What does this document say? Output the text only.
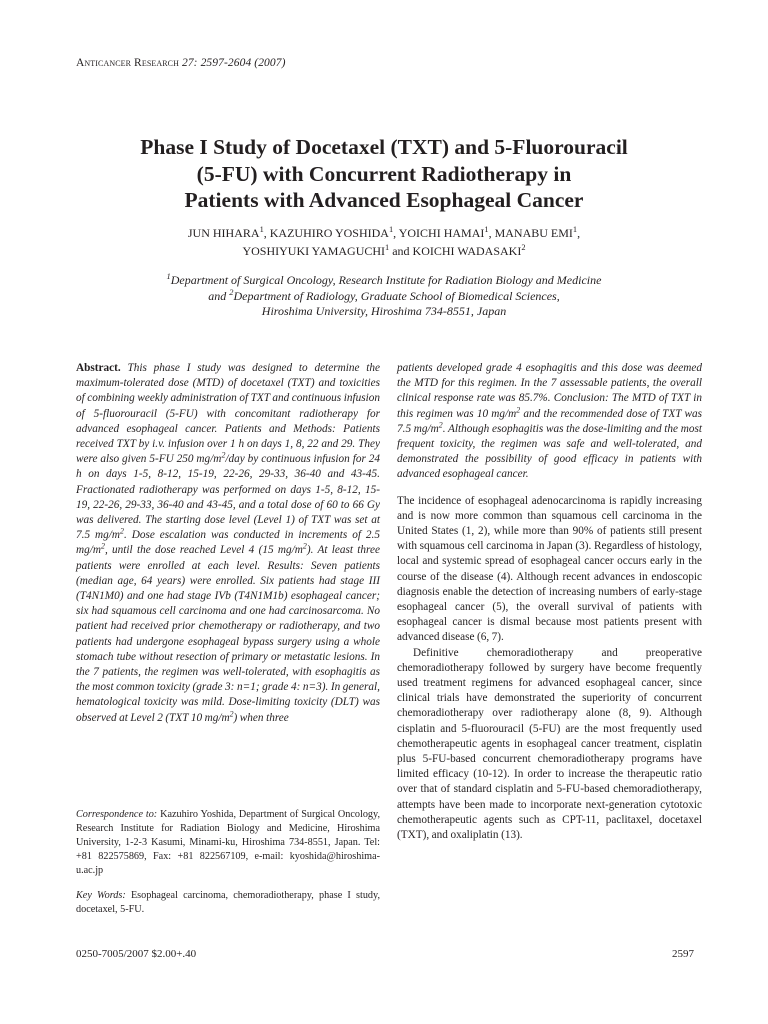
Anticancer Research 27: 2597-2604 (2007)
Phase I Study of Docetaxel (TXT) and 5-Fluorouracil
(5-FU) with Concurrent Radiotherapy in
Patients with Advanced Esophageal Cancer
JUN HIHARA$^1$, KAZUHIRO YOSHIDA$^1$, YOICHI HAMAI$^1$, MANABU EMI$^1$,
YOSHIYUKI YAMAGUCHI$^1$ and KOICHI WADASAKI$^2$
$^1$Department of Surgical Oncology, Research Institute for Radiation Biology and Medicine
and $^2$Department of Radiology, Graduate School of Biomedical Sciences,
Hiroshima University, Hiroshima 734-8551, Japan
Abstract. This phase I study was designed to determine the maximum-tolerated dose (MTD) of docetaxel (TXT) and toxicities of combining weekly administration of TXT and continuous infusion of 5-fluorouracil (5-FU) with concomitant radiotherapy for advanced esophageal cancer. Patients and Methods: Patients received TXT by i.v. infusion over 1 h on days 1, 8, 22 and 29. They were also given 5-FU 250 $mg/m^2$/day by continuous infusion for 24 h on days 1-5, 8-12, 15-19, 22-26, 29-33, 36-40 and 43-45. Fractionated radiotherapy was performed on days 1-5, 8-12, 15-19, 22-26, 29-33, 36-40 and 43-45, and a total dose of 60 to 66 Gy was delivered. The starting dose level (Level 1) of TXT was set at 7.5 $mg/m^2$. Dose escalation was conducted in increments of 2.5 $mg/m^2$, until the dose reached Level 4 (15 $mg/m^2$). At least three patients were enrolled at each level. Results: Seven patients (median age, 64 years) were enrolled. Six patients had stage III (T4N1M0) and one had stage IVb (T4N1M1b) esophageal cancer; six had squamous cell carcinoma and one had carcinosarcoma. No patient had received prior chemotherapy or radiotherapy, and two patients had undergone esophageal bypass surgery using a whole stomach tube without resection of primary or metastatic lesions. In the 7 patients, the regimen was well-tolerated, with esophagitis as the most common toxicity (grade 3: n=1; grade 4: n=3). In general, hematological toxicity was mild. Dose-limiting toxicity (DLT) was observed at Level 2 (TXT 10 $mg/m^2$) when three
Correspondence to: Kazuhiro Yoshida, Department of Surgical Oncology, Research Institute for Radiation Biology and Medicine, Hiroshima University, 1-2-3 Kasumi, Minami-ku, Hiroshima 734-8551, Japan. Tel: +81 822575869, Fax: +81 822567109, e-mail: kyoshida@hiroshima-u.ac.jp
Key Words: Esophageal carcinoma, chemoradiotherapy, phase I study, docetaxel, 5-FU.
patients developed grade 4 esophagitis and this dose was deemed the MTD for this regimen. In the 7 assessable patients, the overall clinical response rate was 85.7%. Conclusion: The MTD of TXT in this regimen was 10 $mg/m^2$ and the recommended dose of TXT was 7.5 $mg/m^2$. Although esophagitis was the dose-limiting and the most frequent toxicity, the regimen was safe and well-tolerated, and demonstrated the possibility of good efficacy in patients with advanced esophageal cancer.

The incidence of esophageal adenocarcinoma is rapidly increasing and is now more common than squamous cell carcinoma in the United States (1, 2), while more than 90% of patients still present with squamous cell carcinoma in Japan (3). Regardless of histology, local and systemic spread of esophageal cancer occurs early in the course of the disease (4). Although recent advances in endoscopic diagnosis enable the detection of increasing numbers of early-stage esophageal cancer (5), the overall survival of patients with esophageal cancer is dismal because most patients present with advanced disease (6, 7).

Definitive chemoradiotherapy and preoperative chemoradiotherapy followed by surgery have become frequently used treatment regimens for advanced esophageal cancer, since clinical trials have demonstrated the superiority of concurrent chemoradiotherapy over radiotherapy alone (8, 9). Although cisplatin and 5-fluorouracil (5-FU) are the most frequently used chemotherapeutic agents in esophageal cancer treatment, cisplatin plus 5-FU-based concurrent chemoradiotherapy programs have limited efficacy (10-12). In order to increase the therapeutic ratio over that of standard cisplatin and 5-FU-based chemoradiotherapy, attempts have been made to incorporate next-generation cytotoxic chemotherapeutic agents such as CPT-11, paclitaxel, docetaxel (TXT), and oxaliplatin (13).

0250-7005/2007 $2.00+.40	2597
